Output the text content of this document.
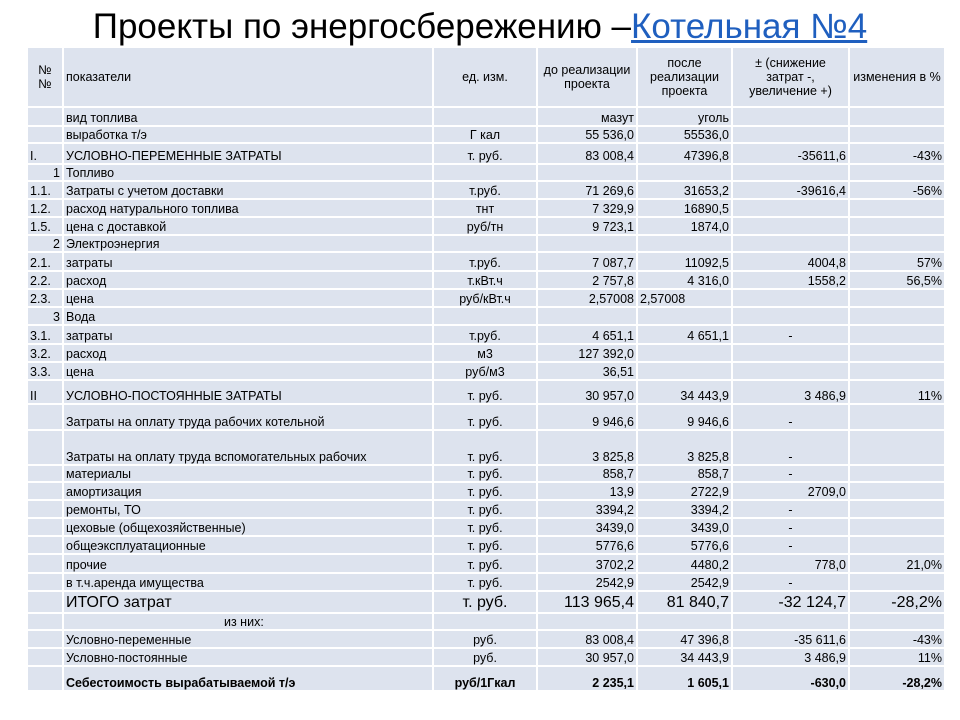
Проекты по энергосбережению –Котельная №4
№ №	показатели	ед. изм.	до реализации проекта	после реализации проекта	± (снижение затрат -, увеличение +)	изменения в %
	вид топлива		мазут	уголь		
	выработка т/э	Г кал	55 536,0	55536,0		
I.	УСЛОВНО-ПЕРЕМЕННЫЕ ЗАТРАТЫ	т. руб.	83 008,4	47396,8	-35611,6	-43%
1	Топливо					
1.1.	Затраты с учетом доставки	т.руб.	71 269,6	31653,2	-39616,4	-56%
1.2.	расход натурального топлива	тнт	7 329,9	16890,5		
1.5.	цена с доставкой	руб/тн	9 723,1	1874,0		
2	Электроэнергия					
2.1.	затраты	т.руб.	7 087,7	11092,5	4004,8	57%
2.2.	расход	т.кВт.ч	2 757,8	4 316,0	1558,2	56,5%
2.3.	цена	руб/кВт.ч	2,57008	2,57008		
3	Вода					
3.1.	затраты	т.руб.	4 651,1	4 651,1	-	
3.2.	расход	м3	127 392,0			
3.3.	цена	руб/м3	36,51			
II	УСЛОВНО-ПОСТОЯННЫЕ ЗАТРАТЫ	т. руб.	30 957,0	34 443,9	3 486,9	11%
	Затраты на оплату труда рабочих котельной	т. руб.	9 946,6	9 946,6	-	
	Затраты на оплату труда вспомогательных рабочих	т. руб.	3 825,8	3 825,8	-	
	материалы	т. руб.	858,7	858,7	-	
	амортизация	т. руб.	13,9	2722,9	2709,0	
	ремонты, ТО	т. руб.	3394,2	3394,2	-	
	цеховые (общехозяйственные)	т. руб.	3439,0	3439,0	-	
	общеэксплуатационные	т. руб.	5776,6	5776,6	-	
	прочие	т. руб.	3702,2	4480,2	778,0	21,0%
	в т.ч.аренда имущества	т. руб.	2542,9	2542,9	-	
	ИТОГО затрат	т. руб.	113 965,4	81 840,7	-32 124,7	-28,2%
	из них:					
	Условно-переменные	руб.	83 008,4	47 396,8	-35 611,6	-43%
	Условно-постоянные	руб.	30 957,0	34 443,9	3 486,9	11%
	Себестоимость вырабатываемой т/э	руб/1Гкал	2 235,1	1 605,1	-630,0	-28,2%
